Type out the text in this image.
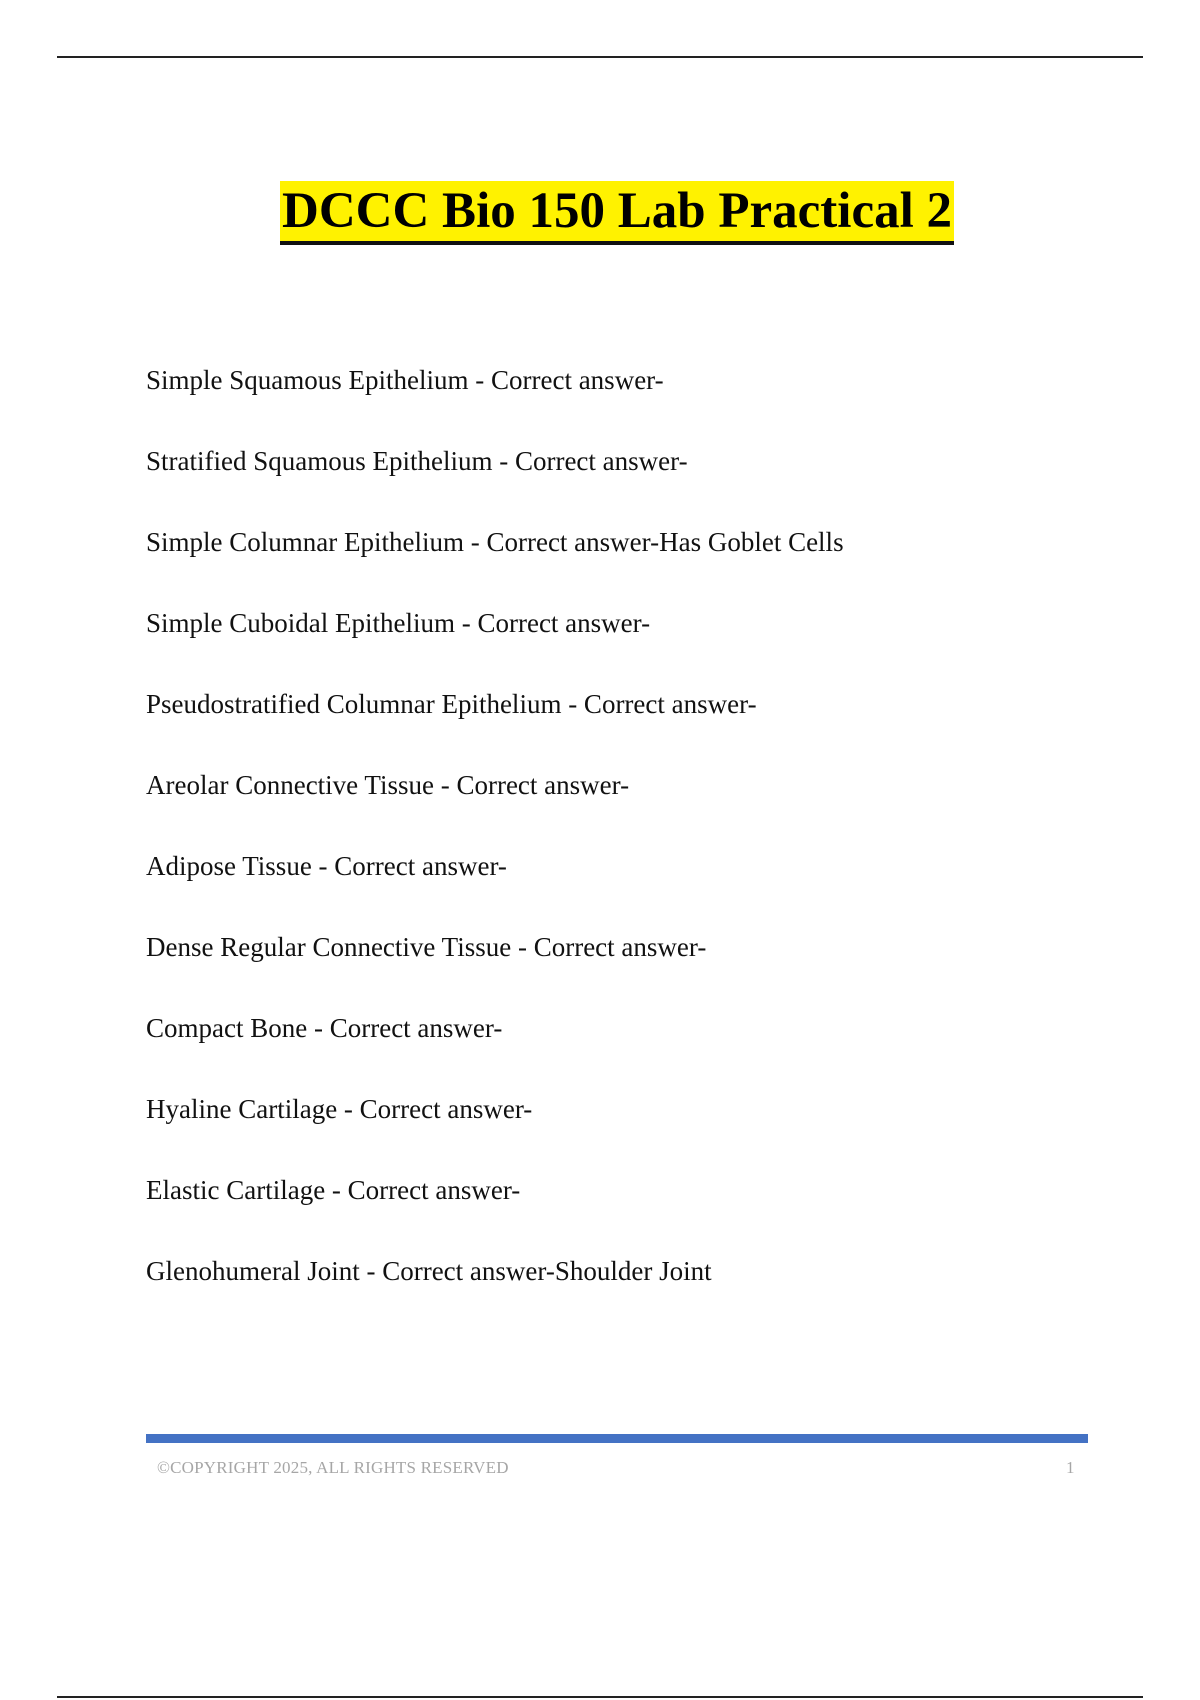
DCCC Bio 150 Lab Practical 2
Simple Squamous Epithelium - Correct answer-
Stratified Squamous Epithelium - Correct answer-
Simple Columnar Epithelium - Correct answer-Has Goblet Cells
Simple Cuboidal Epithelium - Correct answer-
Pseudostratified Columnar Epithelium - Correct answer-
Areolar Connective Tissue - Correct answer-
Adipose Tissue - Correct answer-
Dense Regular Connective Tissue - Correct answer-
Compact Bone - Correct answer-
Hyaline Cartilage - Correct answer-
Elastic Cartilage - Correct answer-
Glenohumeral Joint - Correct answer-Shoulder Joint
©COPYRIGHT 2025, ALL RIGHTS RESERVED	1
